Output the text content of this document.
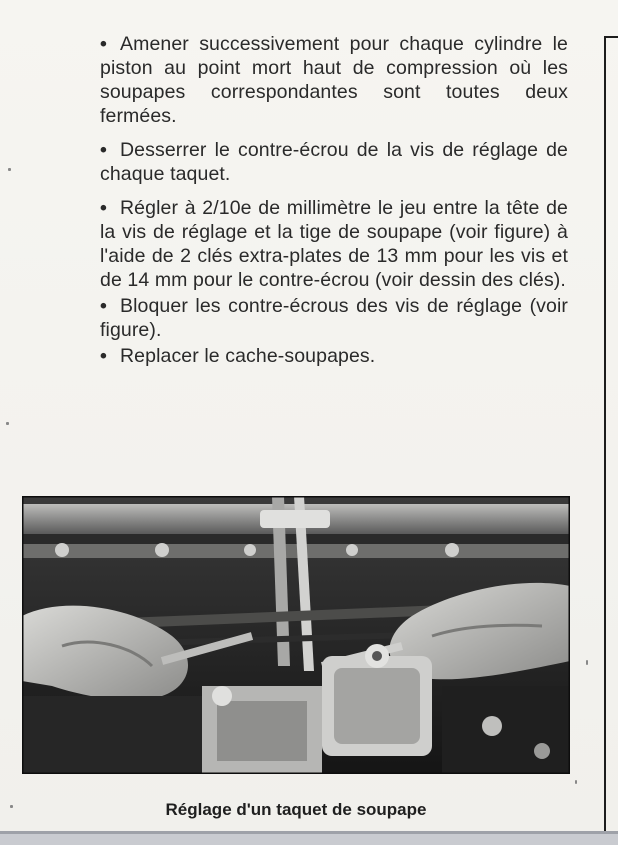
• Amener successivement pour chaque cylindre le piston au point mort haut de compression où les soupapes correspondantes sont toutes deux fermées.

• Desserrer le contre-écrou de la vis de réglage de chaque taquet.

• Régler à 2/10e de millimètre le jeu entre la tête de la vis de réglage et la tige de soupape (voir figure) à l'aide de 2 clés extra-plates de 13 mm pour les vis et de 14 mm pour le contre-écrou (voir dessin des clés).

• Bloquer les contre-écrous des vis de réglage (voir figure).

• Replacer le cache-soupapes.

Réglage d'un taquet de soupape
